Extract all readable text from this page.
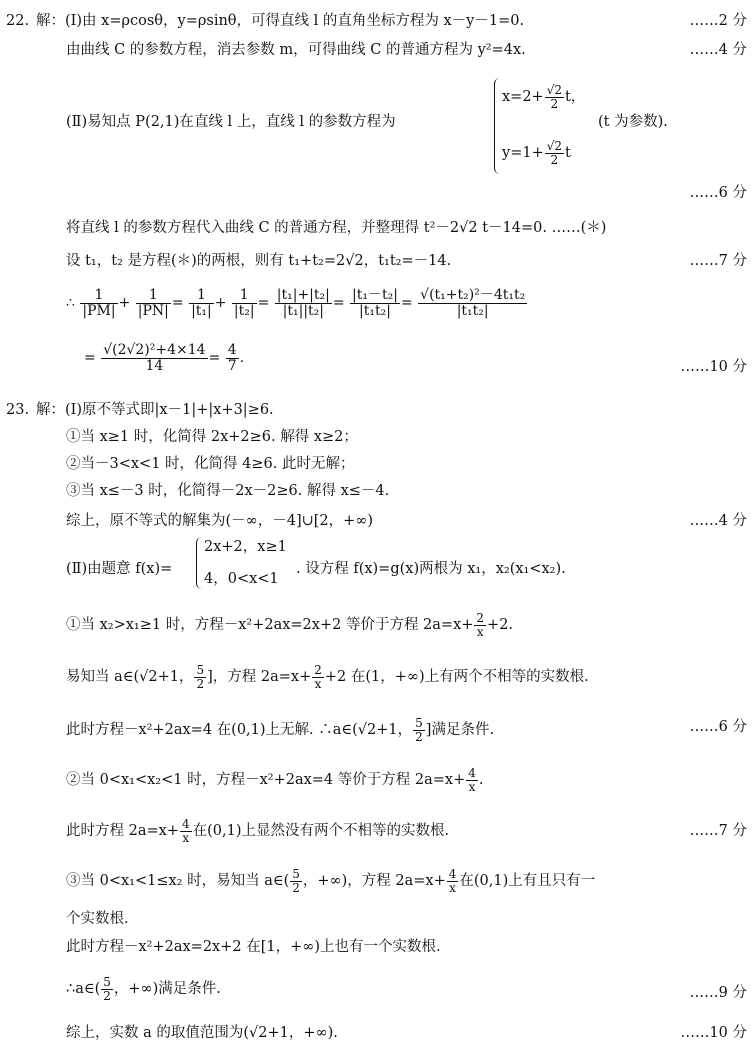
22. 解：(Ⅰ)由 x=ρcosθ，y=ρsinθ，可得直线 l 的直角坐标方程为 x－y－1=0.	……2 分
由曲线 C 的参数方程，消去参数 m，可得曲线 C 的普通方程为 y²=4x.	……4 分
(Ⅱ)易知点 P(2,1)在直线 l 上，直线 l 的参数方程为
$x=2+ \frac{√2}{2}$ t，
$y=1+ \frac{√2}{2}$ t
(t 为参数).
……6 分
将直线 l 的参数方程代入曲线 C 的普通方程，并整理得 t²－2√2 t－14=0. ……(＊)
设 t₁，t₂ 是方程(＊)的两根，则有 t₁+t₂=2√2，t₁t₂=－14.	……7 分
∴ $\frac{1}{|PM|} + \frac{1}{|PN|} = \frac{1}{\text{|t₁|}} + \frac{1}{\text{|t₂|}} = \frac{\text{|t₁|+|t₂|}}{\text{|t₁||t₂|}} = \frac{\text{|t₁－t₂|}}{\text{|t₁t₂|}} = \frac{\text{√(t₁+t₂)²－4t₁t₂}}{\text{|t₁t₂|}}$
= $\frac{\text{√(2√2)²+4×14}}{14} = \frac{4}{7}$ .
……10 分
23. 解：(Ⅰ)原不等式即|x－1|+|x+3|≥6.
①当 x≥1 时，化简得 2x+2≥6. 解得 x≥2；
②当－3<x<1 时，化简得 4≥6. 此时无解；
③当 x≤－3 时，化简得－2x－2≥6. 解得 x≤－4.
综上，原不等式的解集为(－∞，－4]∪[2，+∞)	……4 分
(Ⅱ)由题意 f(x)=
2x+2，x≥1
4，0<x<1
. 设方程 f(x)=g(x)两根为 x₁，x₂(x₁<x₂).
①当 x₂>x₁≥1 时，方程－x²+2ax=2x+2 等价于方程 $2a=x+ \frac{2}{x} +2$.
易知当 a∈(√2+1， $\frac{5}{2}$ ]，方程 $2a=x+ \frac{2}{x} +2$ 在(1，+∞)上有两个不相等的实数根.
此时方程－x²+2ax=4 在(0,1)上无解. ∴a∈(√2+1， $\frac{5}{2}$ ]满足条件.	……6 分
②当 0<x₁<x₂<1 时，方程－x²+2ax=4 等价于方程 $2a=x+ \frac{4}{x}$ .
此时方程 $2a=x+ \frac{4}{x}$ 在(0,1)上显然没有两个不相等的实数根.	……7 分
③当 0<x₁<1≤x₂ 时，易知当 a∈( $\frac{5}{2}$ ，+∞)，方程 $2a=x+ \frac{4}{x}$ 在(0,1)上有且只有一
个实数根.
此时方程－x²+2ax=2x+2 在[1，+∞)上也有一个实数根.
∴a∈( $\frac{5}{2}$ ，+∞)满足条件.	……9 分
综上，实数 a 的取值范围为(√2+1，+∞).	……10 分
